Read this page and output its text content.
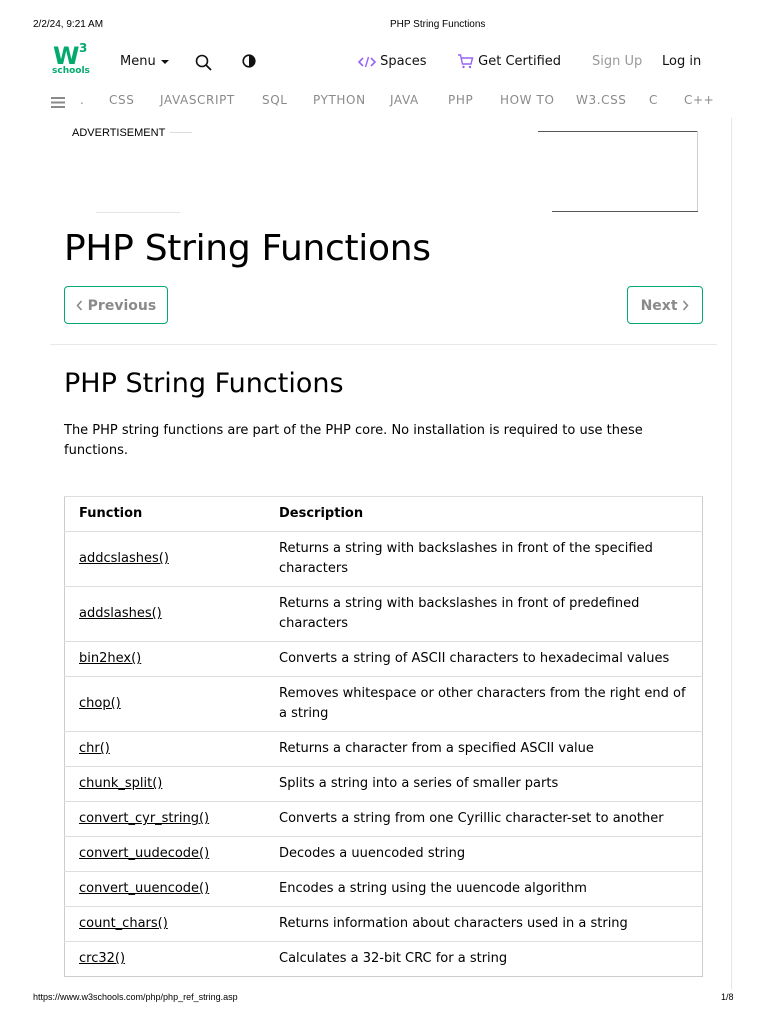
2/2/24, 9:21 AM	PHP String Functions
W 3
schools
Menu	Spaces	Get Certified Sign Up Log in
. CSS JAVASCRIPT SQL PYTHON JAVA PHP HOW TO W3.CSS C C++
ADVERTISEMENT
PHP String Functions
Previous	Next
PHP String Functions
The PHP string functions are part of the PHP core. No installation is required to use these functions.
Function	Description
addcslashes()	Returns a string with backslashes in front of the specified characters
addslashes()	Returns a string with backslashes in front of predefined characters
bin2hex()	Converts a string of ASCII characters to hexadecimal values
chop()	Removes whitespace or other characters from the right end of a string
chr()	Returns a character from a specified ASCII value
chunk_split()	Splits a string into a series of smaller parts
convert_cyr_string()	Converts a string from one Cyrillic character-set to another
convert_uudecode()	Decodes a uuencoded string
convert_uuencode()	Encodes a string using the uuencode algorithm
count_chars()	Returns information about characters used in a string
crc32()	Calculates a 32-bit CRC for a string
https://www.w3schools.com/php/php_ref_string.asp	1/8
